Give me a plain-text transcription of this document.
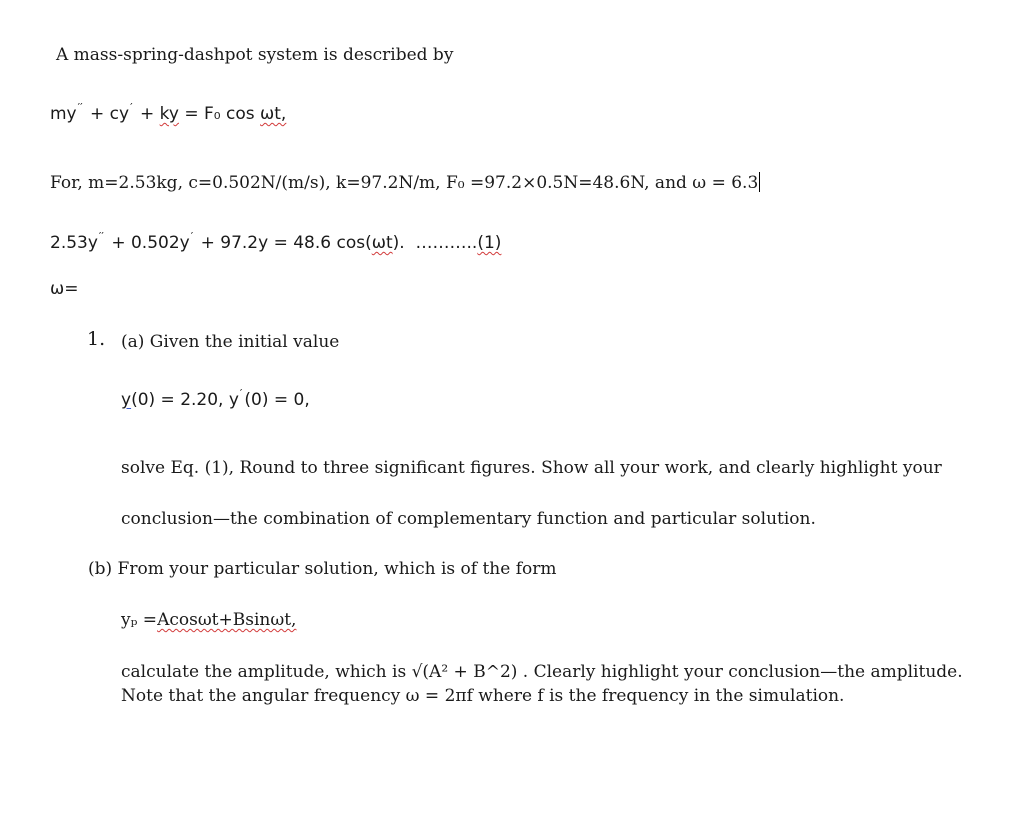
A mass-spring-dashpot system is described by
my′′ + cy′ + ky = F₀ cos ωt,
For, m=2.53kg, c=0.502N/(m/s), k=97.2N/m, F₀ =97.2×0.5N=48.6N, and ω = 6.3
2.53y′′ + 0.502y′ + 97.2y = 48.6 cos(ωt). ………..(1)
ω=
1. (a) Given the initial value
y(0) = 2.20, y′ (0) = 0,
solve Eq. (1), Round to three significant figures. Show all your work, and clearly highlight your
conclusion—the combination of complementary function and particular solution.
(b) From your particular solution, which is of the form
yₚ =Acosωt+Bsinωt,
calculate the amplitude, which is √(A² + B^2) . Clearly highlight your conclusion—the amplitude.
Note that the angular frequency ω = 2πf where f is the frequency in the simulation.
